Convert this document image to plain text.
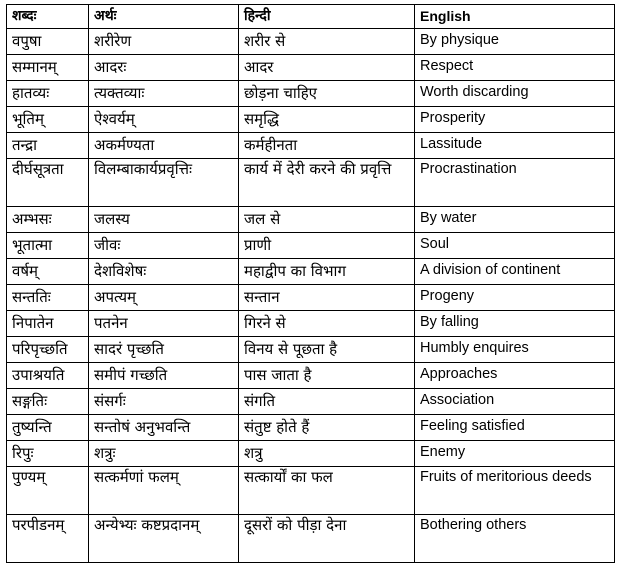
शब्दः	अर्थः	हिन्दी	English
वपुषा	शरीरेण	शरीर से	By physique
सम्मानम्	आदरः	आदर	Respect
हातव्यः	त्यक्तव्याः	छोड़ना चाहिए	Worth discarding
भूतिम्	ऐश्वर्यम्	समृद्धि	Prosperity
तन्द्रा	अकर्मण्यता	कर्महीनता	Lassitude
दीर्घसूत्रता	विलम्बाकार्यप्रवृत्तिः	कार्य में देरी करने की प्रवृत्ति	Procrastination
अम्भसः	जलस्य	जल से	By water
भूतात्मा	जीवः	प्राणी	Soul
वर्षम्	देशविशेषः	महाद्वीप का विभाग	A division of continent
सन्ततिः	अपत्यम्	सन्तान	Progeny
निपातेन	पतनेन	गिरने से	By falling
परिपृच्छति	सादरं पृच्छति	विनय से पूछता है	Humbly enquires
उपाश्रयति	समीपं गच्छति	पास जाता है	Approaches
सङ्गतिः	संसर्गः	संगति	Association
तुष्यन्ति	सन्तोषं अनुभवन्ति	संतुष्ट होते हैं	Feeling satisfied
रिपुः	शत्रुः	शत्रु	Enemy
पुण्यम्	सत्कर्मणां फलम्	सत्कार्यों का फल	Fruits of meritorious deeds
परपीडनम्	अन्येभ्यः कष्टप्रदानम्	दूसरों को पीड़ा देना	Bothering others
